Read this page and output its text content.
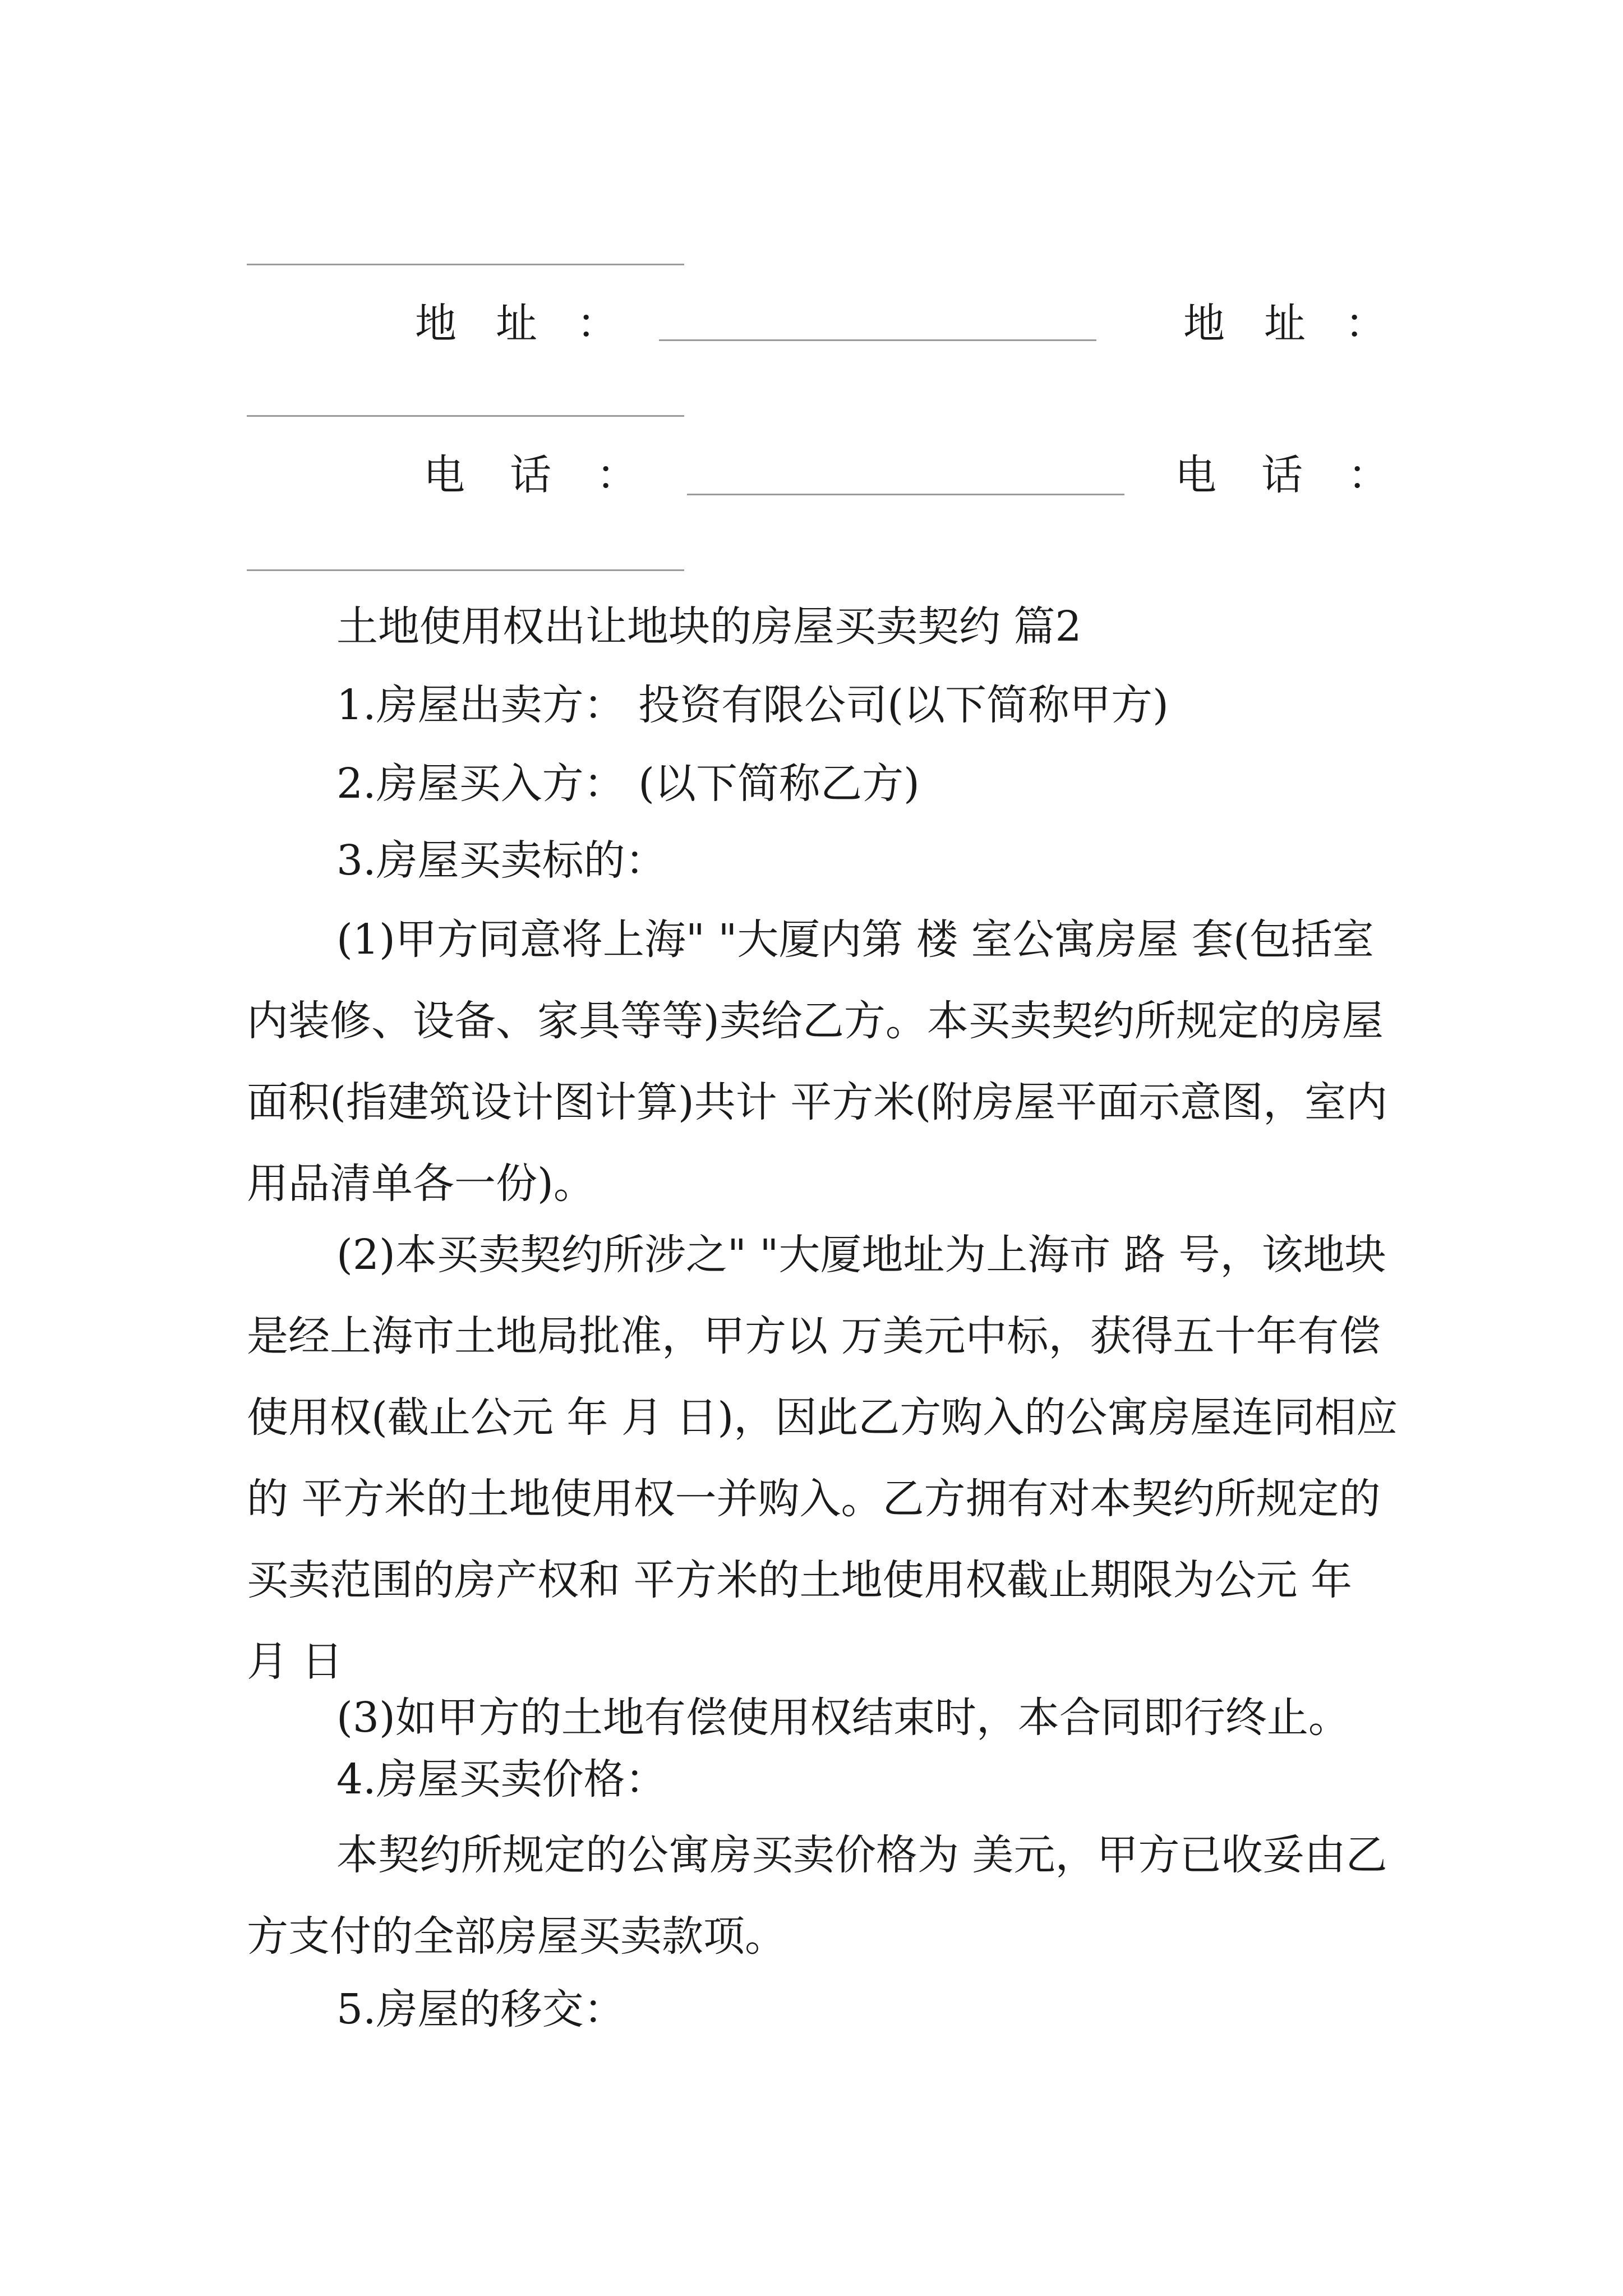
地址：	地址：
电话：	电话：
土地使用权出让地块的房屋买卖契约 篇2
1.房屋出卖方： 投资有限公司(以下简称甲方)
2.房屋买入方： (以下简称乙方)
3.房屋买卖标的：
(1)甲方同意将上海" "大厦内第 楼 室公寓房屋 套(包括室内装修、设备、家具等等)卖给乙方。本买卖契约所规定的房屋面积(指建筑设计图计算)共计 平方米(附房屋平面示意图，室内用品清单各一份)。
(2)本买卖契约所涉之" "大厦地址为上海市 路 号，该地块是经上海市土地局批准，甲方以 万美元中标，获得五十年有偿使用权(截止公元 年 月 日)，因此乙方购入的公寓房屋连同相应的 平方米的土地使用权一并购入。乙方拥有对本契约所规定的买卖范围的房产权和 平方米的土地使用权截止期限为公元 年 月 日
(3)如甲方的土地有偿使用权结束时，本合同即行终止。
4.房屋买卖价格：
本契约所规定的公寓房买卖价格为 美元，甲方已收妥由乙方支付的全部房屋买卖款项。
5.房屋的移交：
